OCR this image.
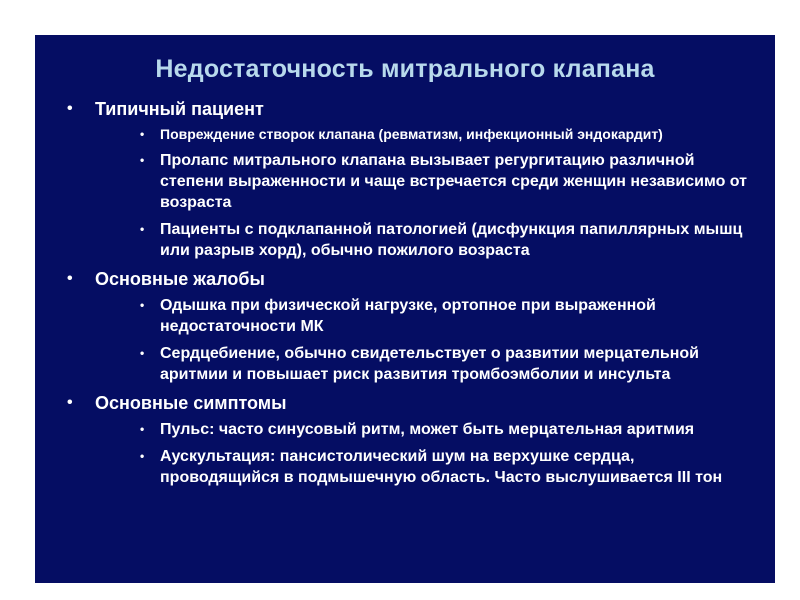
Недостаточность митрального клапана
• Типичный пациент
• Повреждение створок клапана (ревматизм, инфекционный эндокардит)
• Пролапс митрального клапана вызывает регургитацию различной степени выраженности и чаще встречается среди женщин независимо от возраста
• Пациенты с подклапанной патологией (дисфункция папиллярных мышц или разрыв хорд), обычно пожилого возраста
• Основные жалобы
• Одышка при физической нагрузке, ортопное при выраженной недостаточности МК
• Сердцебиение, обычно свидетельствует о развитии мерцательной аритмии и повышает риск развития тромбоэмболии и инсульта
• Основные симптомы
• Пульс: часто синусовый ритм, может быть мерцательная аритмия
• Аускультация: пансистолический шум на верхушке сердца, проводящийся в подмышечную область. Часто выслушивается III тон
